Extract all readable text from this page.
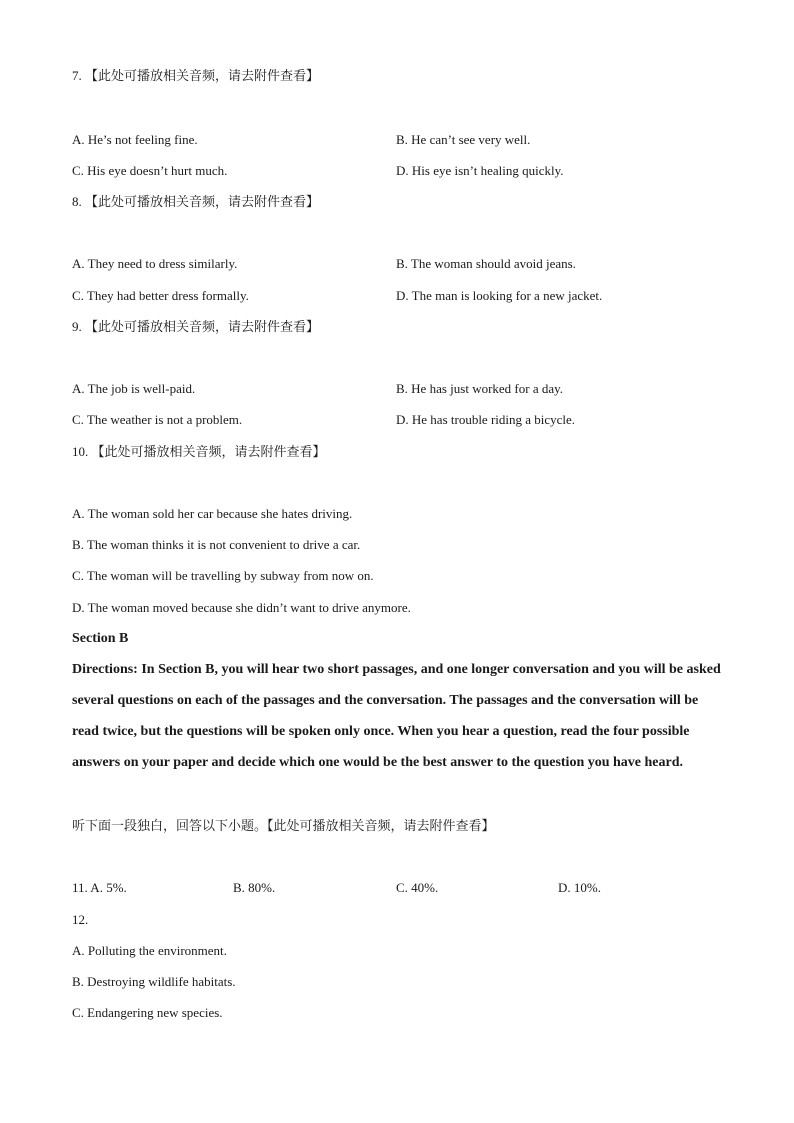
7. 【此处可播放相关音频，请去附件查看】
A. He’s not feeling fine.	B. He can’t see very well.
C. His eye doesn’t hurt much.	D. His eye isn’t healing quickly.
8. 【此处可播放相关音频，请去附件查看】
A. They need to dress similarly.	B. The woman should avoid jeans.
C. They had better dress formally.	D. The man is looking for a new jacket.
9. 【此处可播放相关音频，请去附件查看】
A. The job is well-paid.	B. He has just worked for a day.
C. The weather is not a problem.	D. He has trouble riding a bicycle.
10. 【此处可播放相关音频，请去附件查看】
A. The woman sold her car because she hates driving.
B. The woman thinks it is not convenient to drive a car.
C. The woman will be travelling by subway from now on.
D. The woman moved because she didn’t want to drive anymore.
Section B
Directions: In Section B, you will hear two short passages, and one longer conversation and you will be asked several questions on each of the passages and the conversation. The passages and the conversation will be read twice, but the questions will be spoken only once. When you hear a question, read the four possible answers on your paper and decide which one would be the best answer to the question you have heard.
听下面一段独白，回答以下小题。【此处可播放相关音频，请去附件查看】
11. A. 5%.	B. 80%.	C. 40%.	D. 10%.
12.
A. Polluting the environment.
B. Destroying wildlife habitats.
C. Endangering new species.
